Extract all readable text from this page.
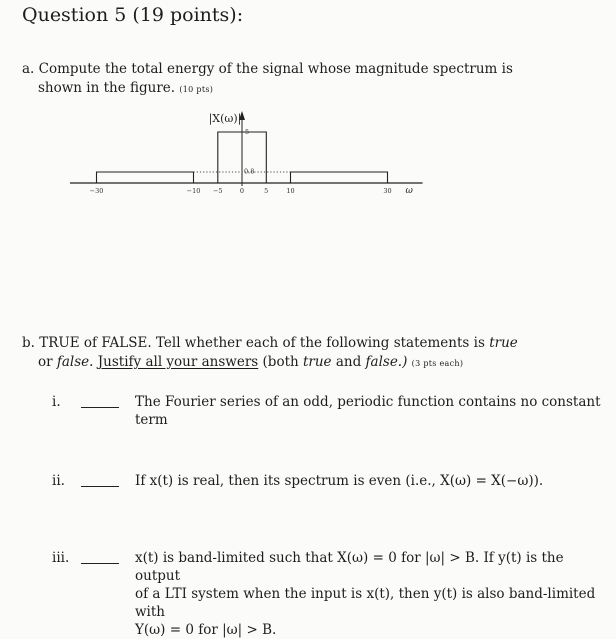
Question 5 (19 points):
a. Compute the total energy of the signal whose magnitude spectrum is
shown in the figure. (10 pts)
−30	−10 −5	0	5	10	30
5
0.8
|X(ω)|
ω
b. TRUE of FALSE. Tell whether each of the following statements is true
or false. Justify all your answers (both true and false.) (3 pts each)
i.	The Fourier series of an odd, periodic function contains no constant term
ii.	If x(t) is real, then its spectrum is even (i.e., X(ω) = X(−ω)).
iii.	x(t) is band-limited such that X(ω) = 0 for |ω| > B. If y(t) is the output
of a LTI system when the input is x(t), then y(t) is also band-limited with
Y(ω) = 0 for |ω| > B.
